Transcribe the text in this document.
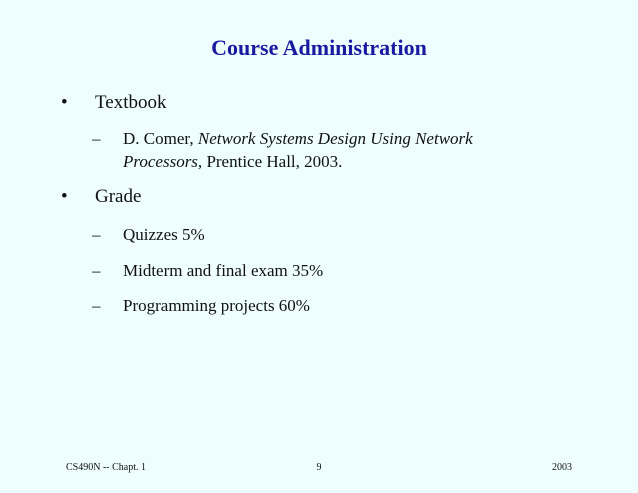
Course Administration
•	Textbook
–	D. Comer, Network Systems Design Using Network
Processors, Prentice Hall, 2003.
•	Grade
–	Quizzes 5%
–	Midterm and final exam 35%
–	Programming projects 60%
CS490N -- Chapt. 1	9	2003
